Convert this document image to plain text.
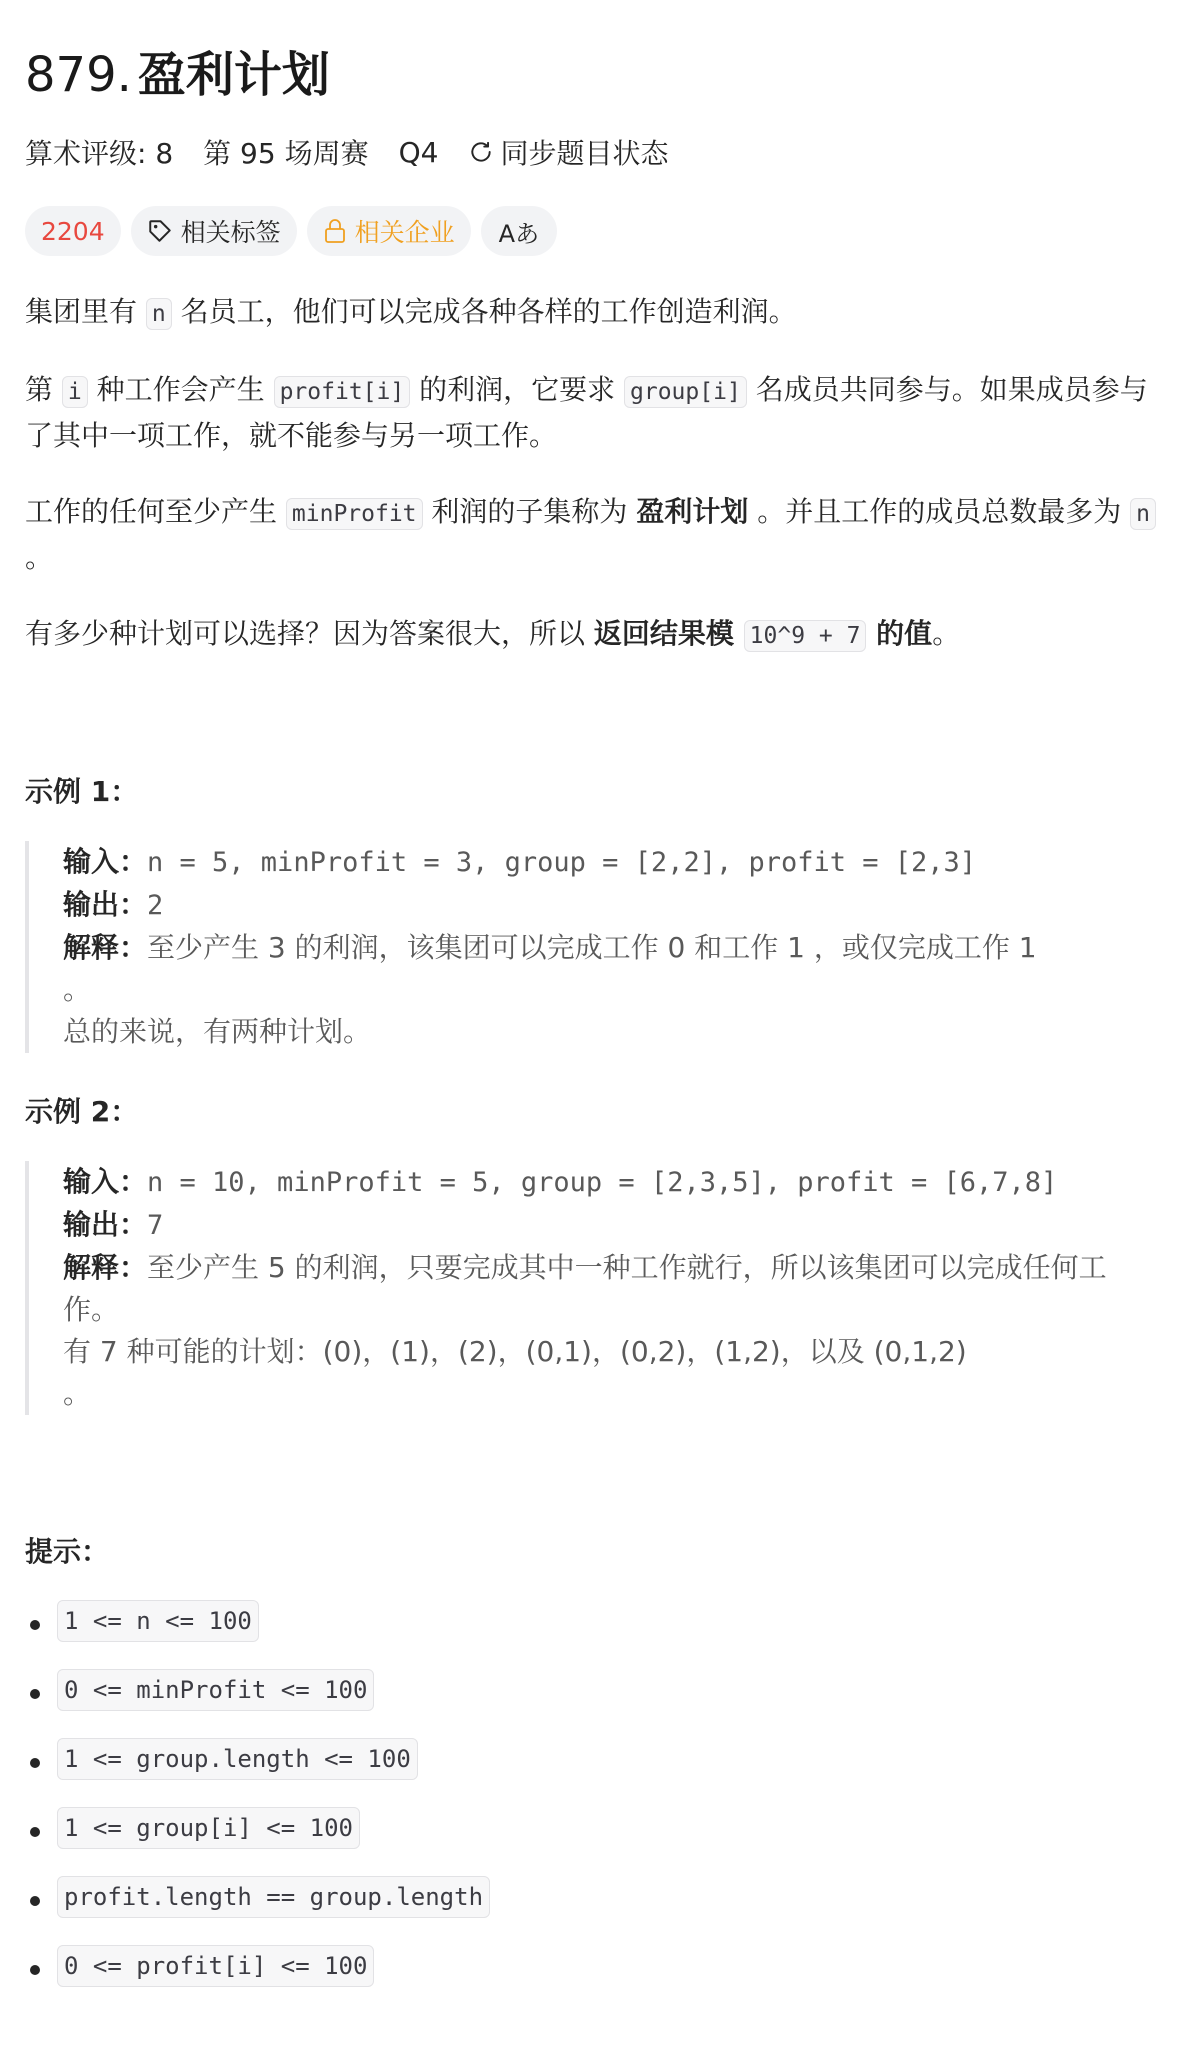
879. 盈利计划
算术评级: 8 第 95 场周赛 Q4 同步题目状态
2204	相关标签	相关企业 Aあ
集团里有 n 名员工，他们可以完成各种各样的工作创造利润。
第 i 种工作会产生 profit[i] 的利润，它要求 group[i] 名成员共同参与。如果成员参与了其中一项工作，就不能参与另一项工作。
工作的任何至少产生 minProfit 利润的子集称为 盈利计划 。并且工作的成员总数最多为 n 。
有多少种计划可以选择？因为答案很大，所以 返回结果模 10^9 + 7 的值。
示例 1：
输入：n = 5, minProfit = 3, group = [2,2], profit = [2,3]
输出：2
解释：至少产生 3 的利润，该集团可以完成工作 0 和工作 1 ，或仅完成工作 1
。
总的来说，有两种计划。
示例 2：
输入：n = 10, minProfit = 5, group = [2,3,5], profit = [6,7,8]
输出：7
解释：至少产生 5 的利润，只要完成其中一种工作就行，所以该集团可以完成任何工
作。
有 7 种可能的计划：(0)，(1)，(2)，(0,1)，(0,2)，(1,2)，以及 (0,1,2)
。
提示：
1 <= n <= 100
0 <= minProfit <= 100
1 <= group.length <= 100
1 <= group[i] <= 100
profit.length == group.length
0 <= profit[i] <= 100
